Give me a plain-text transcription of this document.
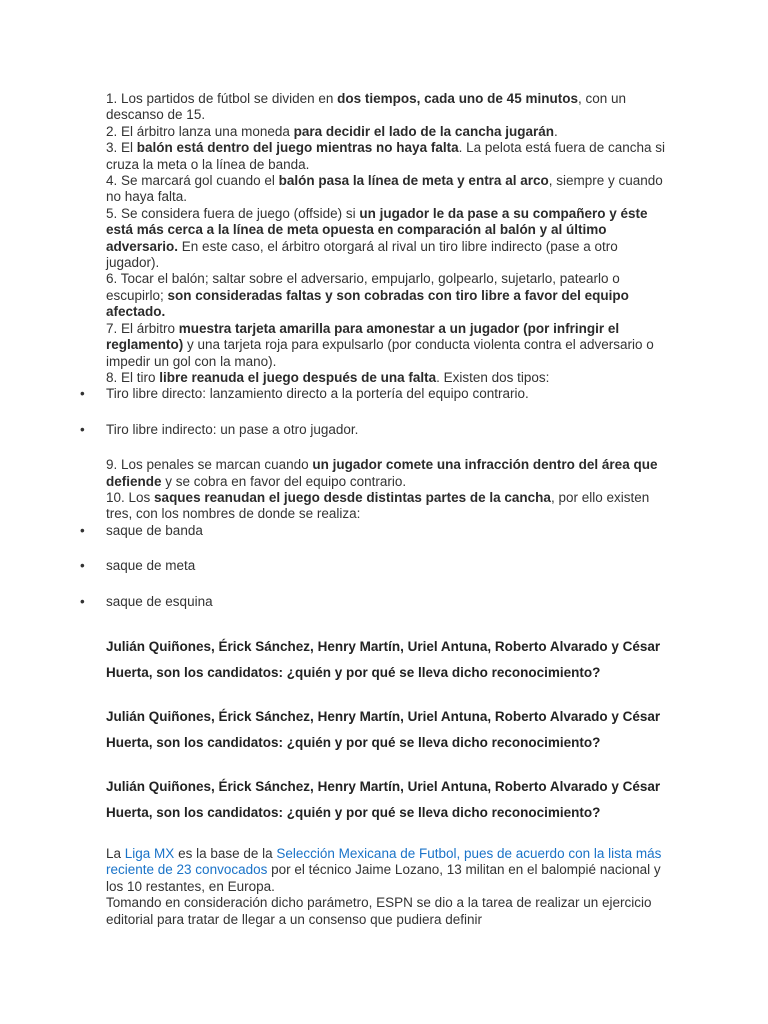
1. Los partidos de fútbol se dividen en dos tiempos, cada uno de 45 minutos, con un descanso de 15.

2. El árbitro lanza una moneda para decidir el lado de la cancha jugarán.

3. El balón está dentro del juego mientras no haya falta. La pelota está fuera de cancha si cruza la meta o la línea de banda.

4. Se marcará gol cuando el balón pasa la línea de meta y entra al arco, siempre y cuando no haya falta.

5. Se considera fuera de juego (offside) si un jugador le da pase a su compañero y éste está más cerca a la línea de meta opuesta en comparación al balón y al último adversario. En este caso, el árbitro otorgará al rival un tiro libre indirecto (pase a otro jugador).

6. Tocar el balón; saltar sobre el adversario, empujarlo, golpearlo, sujetarlo, patearlo o escupirlo; son consideradas faltas y son cobradas con tiro libre a favor del equipo afectado.

7. El árbitro muestra tarjeta amarilla para amonestar a un jugador (por infringir el reglamento) y una tarjeta roja para expulsarlo (por conducta violenta contra el adversario o impedir un gol con la mano).

8. El tiro libre reanuda el juego después de una falta. Existen dos tipos:

• Tiro libre directo: lanzamiento directo a la portería del equipo contrario.

• Tiro libre indirecto: un pase a otro jugador.

9. Los penales se marcan cuando un jugador comete una infracción dentro del área que defiende y se cobra en favor del equipo contrario.

10. Los saques reanudan el juego desde distintas partes de la cancha, por ello existen tres, con los nombres de donde se realiza:

• saque de banda

• saque de meta

• saque de esquina

Julián Quiñones, Érick Sánchez, Henry Martín, Uriel Antuna, Roberto Alvarado y César Huerta, son los candidatos: ¿quién y por qué se lleva dicho reconocimiento?

Julián Quiñones, Érick Sánchez, Henry Martín, Uriel Antuna, Roberto Alvarado y César Huerta, son los candidatos: ¿quién y por qué se lleva dicho reconocimiento?

Julián Quiñones, Érick Sánchez, Henry Martín, Uriel Antuna, Roberto Alvarado y César Huerta, son los candidatos: ¿quién y por qué se lleva dicho reconocimiento?

La Liga MX es la base de la Selección Mexicana de Futbol, pues de acuerdo con la lista más reciente de 23 convocados por el técnico Jaime Lozano, 13 militan en el balompié nacional y los 10 restantes, en Europa.

Tomando en consideración dicho parámetro, ESPN se dio a la tarea de realizar un ejercicio editorial para tratar de llegar a un consenso que pudiera definir
